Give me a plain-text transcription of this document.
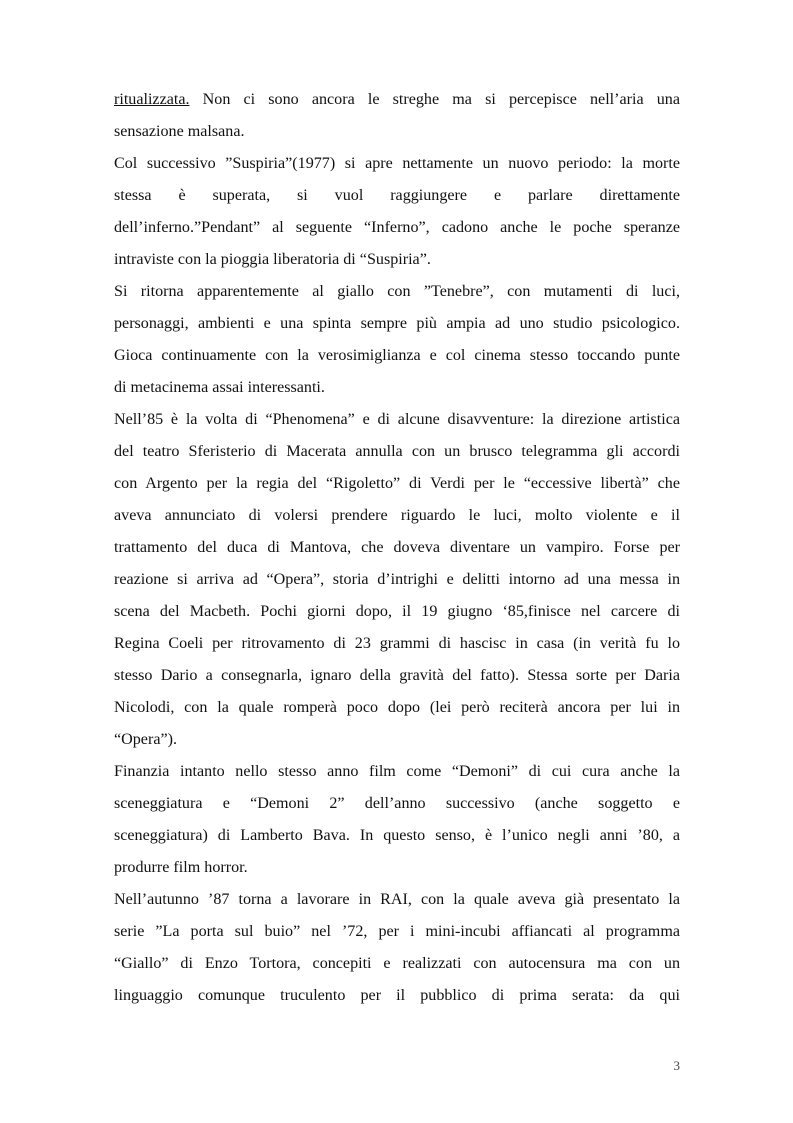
ritualizzata. Non ci sono ancora le streghe ma si percepisce nell’aria una
sensazione malsana.
Col successivo ”Suspiria”(1977) si apre nettamente un nuovo periodo: la morte
stessa è superata, si vuol raggiungere e parlare direttamente
dell’inferno.”Pendant” al seguente “Inferno”, cadono anche le poche speranze
intraviste con la pioggia liberatoria di “Suspiria”.
Si ritorna apparentemente al giallo con ”Tenebre”, con mutamenti di luci,
personaggi, ambienti e una spinta sempre più ampia ad uno studio psicologico.
Gioca continuamente con la verosimiglianza e col cinema stesso toccando punte
di metacinema assai interessanti.
Nell’85 è la volta di “Phenomena” e di alcune disavventure: la direzione artistica
del teatro Sferisterio di Macerata annulla con un brusco telegramma gli accordi
con Argento per la regia del “Rigoletto” di Verdi per le “eccessive libertà” che
aveva annunciato di volersi prendere riguardo le luci, molto violente e il
trattamento del duca di Mantova, che doveva diventare un vampiro. Forse per
reazione si arriva ad “Opera”, storia d’intrighi e delitti intorno ad una messa in
scena del Macbeth. Pochi giorni dopo, il 19 giugno ‘85,finisce nel carcere di
Regina Coeli per ritrovamento di 23 grammi di hascisc in casa (in verità fu lo
stesso Dario a consegnarla, ignaro della gravità del fatto). Stessa sorte per Daria
Nicolodi, con la quale romperà poco dopo (lei però reciterà ancora per lui in
“Opera”).
Finanzia intanto nello stesso anno film come “Demoni” di cui cura anche la
sceneggiatura e “Demoni 2” dell’anno successivo (anche soggetto e
sceneggiatura) di Lamberto Bava. In questo senso, è l’unico negli anni ’80, a
produrre film horror.
Nell’autunno ’87 torna a lavorare in RAI, con la quale aveva già presentato la
serie ”La porta sul buio” nel ’72, per i mini-incubi affiancati al programma
“Giallo” di Enzo Tortora, concepiti e realizzati con autocensura ma con un
linguaggio comunque truculento per il pubblico di prima serata: da qui
3
